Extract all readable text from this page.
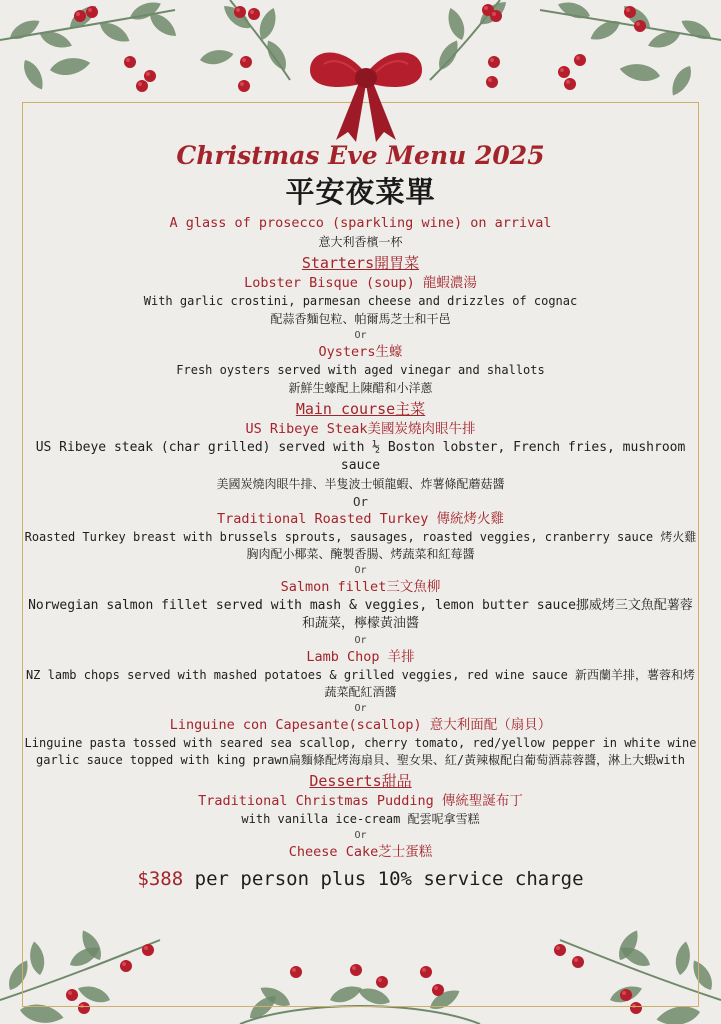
Christmas Eve Menu 2025
平安夜菜單
A glass of prosecco (sparkling wine) on arrival
意大利香檳一杯
Starters開胃菜
Lobster Bisque (soup) 龍蝦濃湯
With garlic crostini, parmesan cheese and drizzles of cognac
配蒜香麵包粒、帕爾馬芝士和干邑
Or
Oysters生蠔
Fresh oysters served with aged vinegar and shallots
新鮮生蠔配上陳醋和小洋蔥
Main course主菜
US Ribeye Steak美國炭燒肉眼牛排
US Ribeye steak (char grilled) served with ½ Boston lobster, French fries, mushroom sauce
美國炭燒肉眼牛排、半隻波士頓龍蝦、炸薯條配蘑菇醬
Or
Traditional Roasted Turkey 傳統烤火雞
Roasted Turkey breast with brussels sprouts, sausages, roasted veggies, cranberry sauce 烤火雞胸肉配小椰菜、醃製香腸、烤蔬菜和紅莓醬
Or
Salmon fillet三文魚柳
Norwegian salmon fillet served with mash & veggies, lemon butter sauce挪威烤三文魚配薯蓉和蔬菜，檸檬黃油醬
Or
Lamb Chop 羊排
NZ lamb chops served with mashed potatoes & grilled veggies, red wine sauce 新西蘭羊排，薯蓉和烤蔬菜配紅酒醬
Or
Linguine con Capesante(scallop) 意大利面配（扇貝）
Linguine pasta tossed with seared sea scallop, cherry tomato, red/yellow pepper in white wine garlic sauce topped with king prawn扁麵條配烤海扇貝、聖女果、紅/黃辣椒配白葡萄酒蒜蓉醬，淋上大蝦with
Desserts甜品
Traditional Christmas Pudding 傳統聖誕布丁
with vanilla ice-cream 配雲呢拿雪糕
Or
Cheese Cake芝士蛋糕
$388 per person plus 10% service charge
